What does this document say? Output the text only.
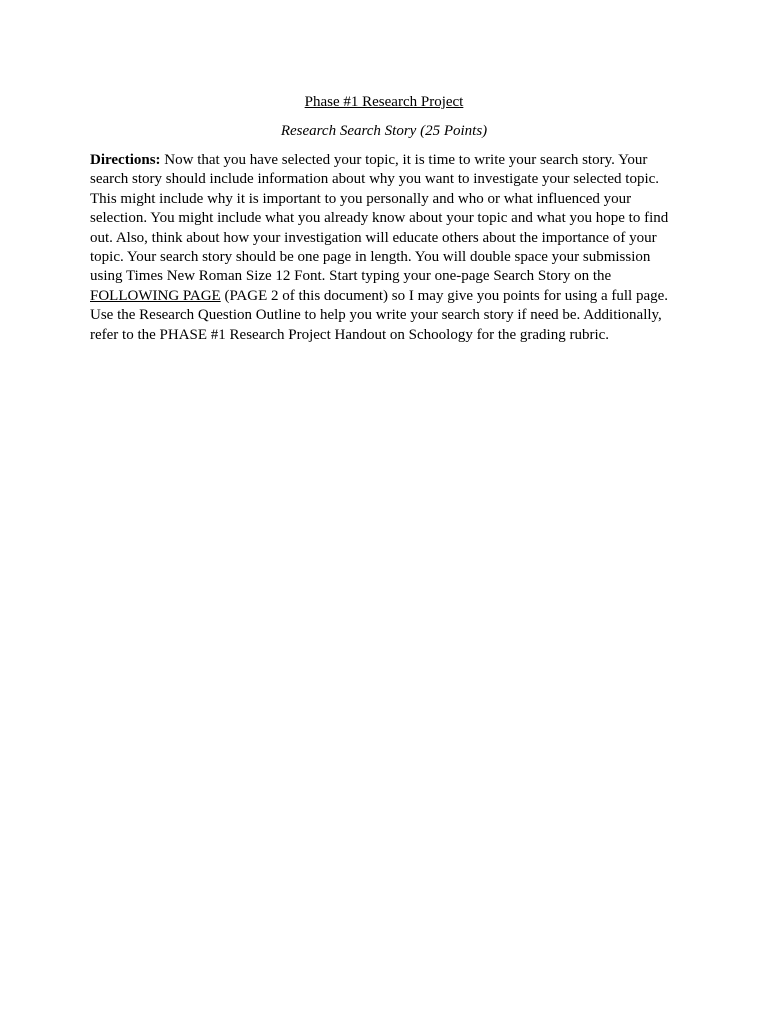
Phase #1 Research Project

Research Search Story (25 Points)

Directions: Now that you have selected your topic, it is time to write your search story. Your search story should include information about why you want to investigate your selected topic. This might include why it is important to you personally and who or what influenced your selection. You might include what you already know about your topic and what you hope to find out. Also, think about how your investigation will educate others about the importance of your topic. Your search story should be one page in length. You will double space your submission using Times New Roman Size 12 Font. Start typing your one-page Search Story on the FOLLOWING PAGE (PAGE 2 of this document) so I may give you points for using a full page. Use the Research Question Outline to help you write your search story if need be. Additionally, refer to the PHASE #1 Research Project Handout on Schoology for the grading rubric.
